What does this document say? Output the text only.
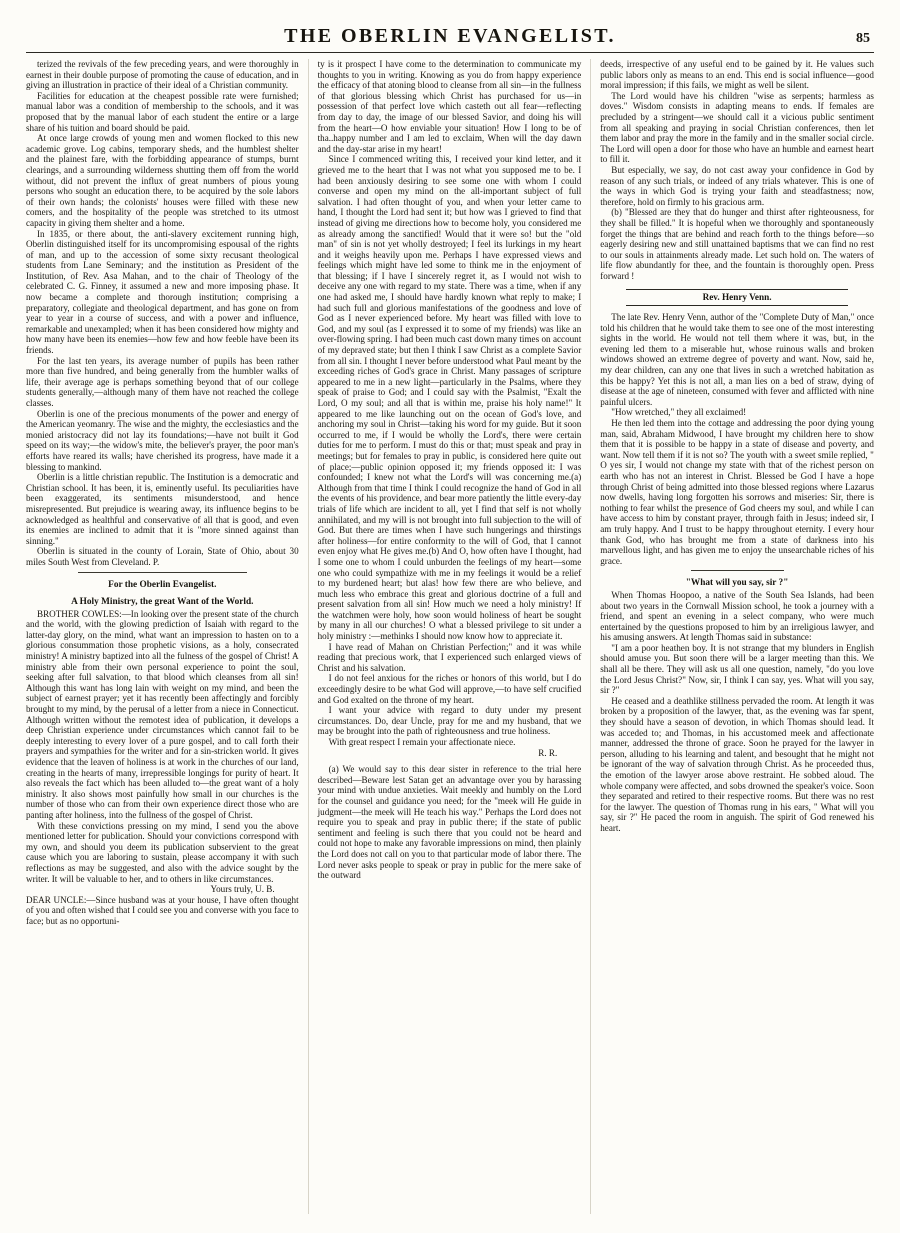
THE OBERLIN EVANGELIST.	85

terized the revivals of the few preceding years, and were thoroughly in earnest in their double purpose of promoting the cause of education, and in giving an illustration in practice of their ideal of a Christian community.

Facilities for education at the cheapest possible rate were furnished; manual labor was a condition of membership to the schools, and it was proposed that by the manual labor of each student the entire or a large share of his tuition and board should be paid.

At once large crowds of young men and women flocked to this new academic grove. Log cabins, temporary sheds, and the humblest shelter and the plainest fare, with the forbidding appearance of stumps, burnt clearings, and a surrounding wilderness shutting them off from the world without, did not prevent the influx of great numbers of pious young persons who sought an education there, to be acquired by the sole labors of their own hands; the colonists' houses were filled with these new comers, and the hospitality of the people was stretched to its utmost capacity in giving them shelter and a home.

In 1835, or there about, the anti-slavery excitement running high, Oberlin distinguished itself for its uncompromising espousal of the rights of man, and up to the accession of some sixty recusant theological students from Lane Seminary; and the institution as President of the Institution, of Rev. Asa Mahan, and to the chair of Theology of the celebrated C. G. Finney, it assumed a new and more imposing phase. It now became a complete and thorough institution; comprising a preparatory, collegiate and theological department, and has gone on from year to year in a course of success, and with a power and influence, remarkable and unexampled; when it has been considered how mighty and how many have been its enemies—how few and how feeble have been its friends.

For the last ten years, its average number of pupils has been rather more than five hundred, and being generally from the humbler walks of life, their average age is perhaps something beyond that of our college students generally,—although many of them have not reached the college classes.

Oberlin is one of the precious monuments of the power and energy of the American yeomanry. The wise and the mighty, the ecclesiastics and the monied aristocracy did not lay its foundations;—have not built it God speed on its way;—the widow's mite, the believer's prayer, the poor man's efforts have reared its walls; have cherished its progress, have made it a blessing to mankind.

Oberlin is a little christian republic. The Institution is a democratic and Christian school. It has been, it is, eminently useful. Its peculiarities have been exaggerated, its sentiments misunderstood, and hence misrepresented. But prejudice is wearing away, its influence begins to be acknowledged as healthful and conservative of all that is good, and even its enemies are inclined to admit that it is "more sinned against than sinning."

Oberlin is situated in the county of Lorain, State of Ohio, about 30 miles South West from Cleveland. P.

For the Oberlin Evangelist.

A Holy Ministry, the great Want of the World.

BROTHER COWLES:—In looking over the present state of the church and the world, with the glowing prediction of Isaiah with regard to the latter-day glory, on the mind, what want an impression to hasten on to a glorious consummation those prophetic visions, as a holy, consecrated ministry! A ministry baptized into all the fulness of the gospel of Christ! A ministry able from their own personal experience to point the soul, seeking after full salvation, to that blood which cleanses from all sin! Although this want has long lain with weight on my mind, and been the subject of earnest prayer; yet it has recently been affectingly and forcibly brought to my mind, by the perusal of a letter from a niece in Connecticut. Although written without the remotest idea of publication, it develops a deep Christian experience under circumstances which cannot fail to be deeply interesting to every lover of a pure gospel, and to call forth their prayers and sympathies for the writer and for a sin-stricken world. It gives evidence that the leaven of holiness is at work in the churches of our land, creating in the hearts of many, irrepressible longings for purity of heart. It also reveals the fact which has been alluded to—the great want of a holy ministry. It also shows most painfully how small in our churches is the number of those who can from their own experience direct those who are panting after holiness, into the fullness of the gospel of Christ.

With these convictions pressing on my mind, I send you the above mentioned letter for publication. Should your convictions correspond with my own, and should you deem its publication subservient to the great cause which you are laboring to sustain, please accompany it with such reflections as may be suggested, and also with the advice sought by the writer. It will be valuable to her, and to others in like circumstances.

Yours truly, U. B.

DEAR UNCLE:—Since husband was at your house, I have often thought of you and often wished that I could see you and converse with you face to face; but as no opportuni-

ty is it prospect I have come to the determination to communicate my thoughts to you in writing. Knowing as you do from happy experience the efficacy of that atoning blood to cleanse from all sin—in the fullness of that glorious blessing which Christ has purchased for us—in possession of that perfect love which casteth out all fear—reflecting from day to day, the image of our blessed Savior, and doing his will from the heart—O how enviable your situation! How I long to be of tha..happy number and I am led to exclaim, When will the day dawn and the day-star arise in my heart!

Since I commenced writing this, I received your kind letter, and it grieved me to the heart that I was not what you supposed me to be. I had been anxiously desiring to see some one with whom I could converse and open my mind on the all-important subject of full salvation. I had often thought of you, and when your letter came to hand, I thought the Lord had sent it; but how was I grieved to find that instead of giving me directions how to become holy, you considered me as already among the sanctified! Would that it were so! but the "old man" of sin is not yet wholly destroyed; I feel its lurkings in my heart and it weighs heavily upon me. Perhaps I have expressed views and feelings which might have led some to think me in the enjoyment of that blessing; if I have I sincerely regret it, as I would not wish to deceive any one with regard to my state. There was a time, when if any one had asked me, I should have hardly known what reply to make; I had such full and glorious manifestations of the goodness and love of God as I never experienced before. My heart was filled with love to God, and my soul (as I expressed it to some of my friends) was like an over-flowing spring. I had been much cast down many times on account of my depraved state; but then I think I saw Christ as a complete Savior from all sin. I thought I never before understood what Paul meant by the exceeding riches of God's grace in Christ. Many passages of scripture appeared to me in a new light—particularly in the Psalms, where they speak of praise to God; and I could say with the Psalmist, "Exalt the Lord, O my soul; and all that is within me, praise his holy name!" It appeared to me like launching out on the ocean of God's love, and anchoring my soul in Christ—taking his word for my guide. But it soon occurred to me, if I would be wholly the Lord's, there were certain duties for me to perform. I must do this or that; must speak and pray in meetings; but for females to pray in public, is considered here quite out of place;—public opinion opposed it; my friends opposed it: I was confounded; I knew not what the Lord's will was concerning me.(a) Although from that time I think I could recognize the hand of God in all the events of his providence, and bear more patiently the little every-day trials of life which are incident to all, yet I find that self is not wholly annihilated, and my will is not brought into full subjection to the will of God. But there are times when I have such hungerings and thirstings after holiness—for entire conformity to the will of God, that I cannot even enjoy what He gives me.(b) And O, how often have I thought, had I some one to whom I could unburden the feelings of my heart—some one who could sympathize with me in my feelings it would be a relief to my burdened heart; but alas! how few there are who believe, and much less who embrace this great and glorious doctrine of a full and present salvation from all sin! How much we need a holy ministry! If the watchmen were holy, how soon would holiness of heart be sought by many in all our churches! O what a blessed privilege to sit under a holy ministry :—methinks I should now know how to appreciate it.

I have read of Mahan on Christian Perfection;" and it was while reading that precious work, that I experienced such enlarged views of Christ and his salvation.

I do not feel anxious for the riches or honors of this world, but I do exceedingly desire to be what God will approve,—to have self crucified and God exalted on the throne of my heart.

I want your advice with regard to duty under my present circumstances. Do, dear Uncle, pray for me and my husband, that we may be brought into the path of righteousness and true holiness.

With great respect I remain your affectionate niece.

R. R.

(a) We would say to this dear sister in reference to the trial here described—Beware lest Satan get an advantage over you by harassing your mind with undue anxieties. Wait meekly and humbly on the Lord for the counsel and guidance you need; for the "meek will He guide in judgment—the meek will He teach his way." Perhaps the Lord does not require you to speak and pray in public there; if the state of public sentiment and feeling is such there that you could not be heard and could not hope to make any favorable impressions on mind, then plainly the Lord does not call on you to that particular mode of labor there. The Lord never asks people to speak or pray in public for the mere sake of the outward

deeds, irrespective of any useful end to be gained by it. He values such public labors only as means to an end. This end is social influence—good moral impression; if this fails, we might as well be silent.

The Lord would have his children "wise as serpents; harmless as doves." Wisdom consists in adapting means to ends. If females are precluded by a stringent—we should call it a vicious public sentiment from all speaking and praying in social Christian conferences, then let them labor and pray the more in the family and in the smaller social circle. The Lord will open a door for those who have an humble and earnest heart to fill it.

But especially, we say, do not cast away your confidence in God by reason of any such trials, or indeed of any trials whatever. This is one of the ways in which God is trying your faith and steadfastness; now, therefore, hold on firmly to his gracious arm.

(b) "Blessed are they that do hunger and thirst after righteousness, for they shall be filled." It is hopeful when we thoroughly and spontaneously forget the things that are behind and reach forth to the things before—so eagerly desiring new and still unattained baptisms that we can find no rest to our souls in attainments already made. Let such hold on. The waters of life flow abundantly for thee, and the fountain is thoroughly open. Press forward !

Rev. Henry Venn.

The late Rev. Henry Venn, author of the "Complete Duty of Man," once told his children that he would take them to see one of the most interesting sights in the world. He would not tell them where it was, but, in the evening led them to a miserable hut, whose ruinous walls and broken windows showed an extreme degree of poverty and want. Now, said he, my dear children, can any one that lives in such a wretched habitation as this be happy? Yet this is not all, a man lies on a bed of straw, dying of disease at the age of nineteen, consumed with fever and afflicted with nine painful ulcers.

"How wretched," they all exclaimed!

He then led them into the cottage and addressing the poor dying young man, said, Abraham Midwood, I have brought my children here to show them that it is possible to be happy in a state of disease and poverty, and want. Now tell them if it is not so? The youth with a sweet smile replied, " O yes sir, I would not change my state with that of the richest person on earth who has not an interest in Christ. Blessed be God I have a hope through Christ of being admitted into those blessed regions where Lazarus now dwells, having long forgotten his sorrows and miseries: Sir, there is nothing to fear whilst the presence of God cheers my soul, and while I can have access to him by constant prayer, through faith in Jesus; indeed sir, I am truly happy. And I trust to be happy throughout eternity. I every hour thank God, who has brought me from a state of darkness into his marvellous light, and has given me to enjoy the unsearchable riches of his grace.

"What will you say, sir ?"

When Thomas Hoopoo, a native of the South Sea Islands, had been about two years in the Cornwall Mission school, he took a journey with a friend, and spent an evening in a select company, who were much entertained by the questions proposed to him by an irreligious lawyer, and his amusing answers. At length Thomas said in substance:

"I am a poor heathen boy. It is not strange that my blunders in English should amuse you. But soon there will be a larger meeting than this. We shall all be there. They will ask us all one question, namely, "do you love the Lord Jesus Christ?" Now, sir, I think I can say, yes. What will you say, sir ?"

He ceased and a deathlike stillness pervaded the room. At length it was broken by a proposition of the lawyer, that, as the evening was far spent, they should have a season of devotion, in which Thomas should lead. It was acceded to; and Thomas, in his accustomed meek and affectionate manner, addressed the throne of grace. Soon he prayed for the lawyer in person, alluding to his learning and talent, and besought that he might not be ignorant of the way of salvation through Christ. As he proceeded thus, the emotion of the lawyer arose above restraint. He sobbed aloud. The whole company were affected, and sobs drowned the speaker's voice. Soon they separated and retired to their respective rooms. But there was no rest for the lawyer. The question of Thomas rung in his ears, " What will you say, sir ?" He paced the room in anguish. The spirit of God renewed his heart.
